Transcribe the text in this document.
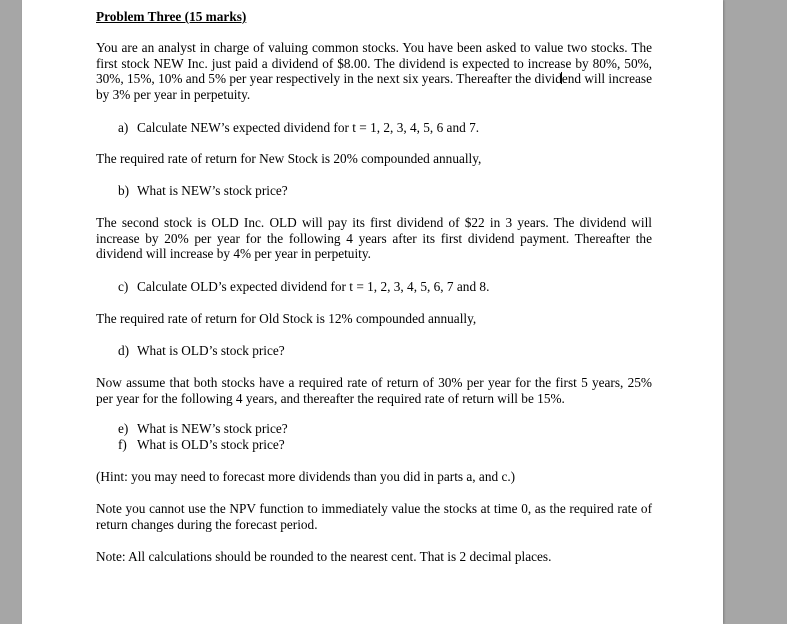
Problem Three (15 marks)

You are an analyst in charge of valuing common stocks. You have been asked to value two stocks. The first stock NEW Inc. just paid a dividend of $8.00. The dividend is expected to increase by 80%, 50%, 30%, 15%, 10% and 5% per year respectively in the next six years. Thereafter the dividend will increase by 3% per year in perpetuity.

a) Calculate NEW’s expected dividend for t = 1, 2, 3, 4, 5, 6 and 7.

The required rate of return for New Stock is 20% compounded annually,

b) What is NEW’s stock price?

The second stock is OLD Inc. OLD will pay its first dividend of $22 in 3 years. The dividend will increase by 20% per year for the following 4 years after its first dividend payment. Thereafter the dividend will increase by 4% per year in perpetuity.

c) Calculate OLD’s expected dividend for t = 1, 2, 3, 4, 5, 6, 7 and 8.

The required rate of return for Old Stock is 12% compounded annually,

d) What is OLD’s stock price?

Now assume that both stocks have a required rate of return of 30% per year for the first 5 years, 25% per year for the following 4 years, and thereafter the required rate of return will be 15%.

e) What is NEW’s stock price?
f) What is OLD’s stock price?

(Hint: you may need to forecast more dividends than you did in parts a, and c.)

Note you cannot use the NPV function to immediately value the stocks at time 0, as the required rate of return changes during the forecast period.

Note: All calculations should be rounded to the nearest cent. That is 2 decimal places.
